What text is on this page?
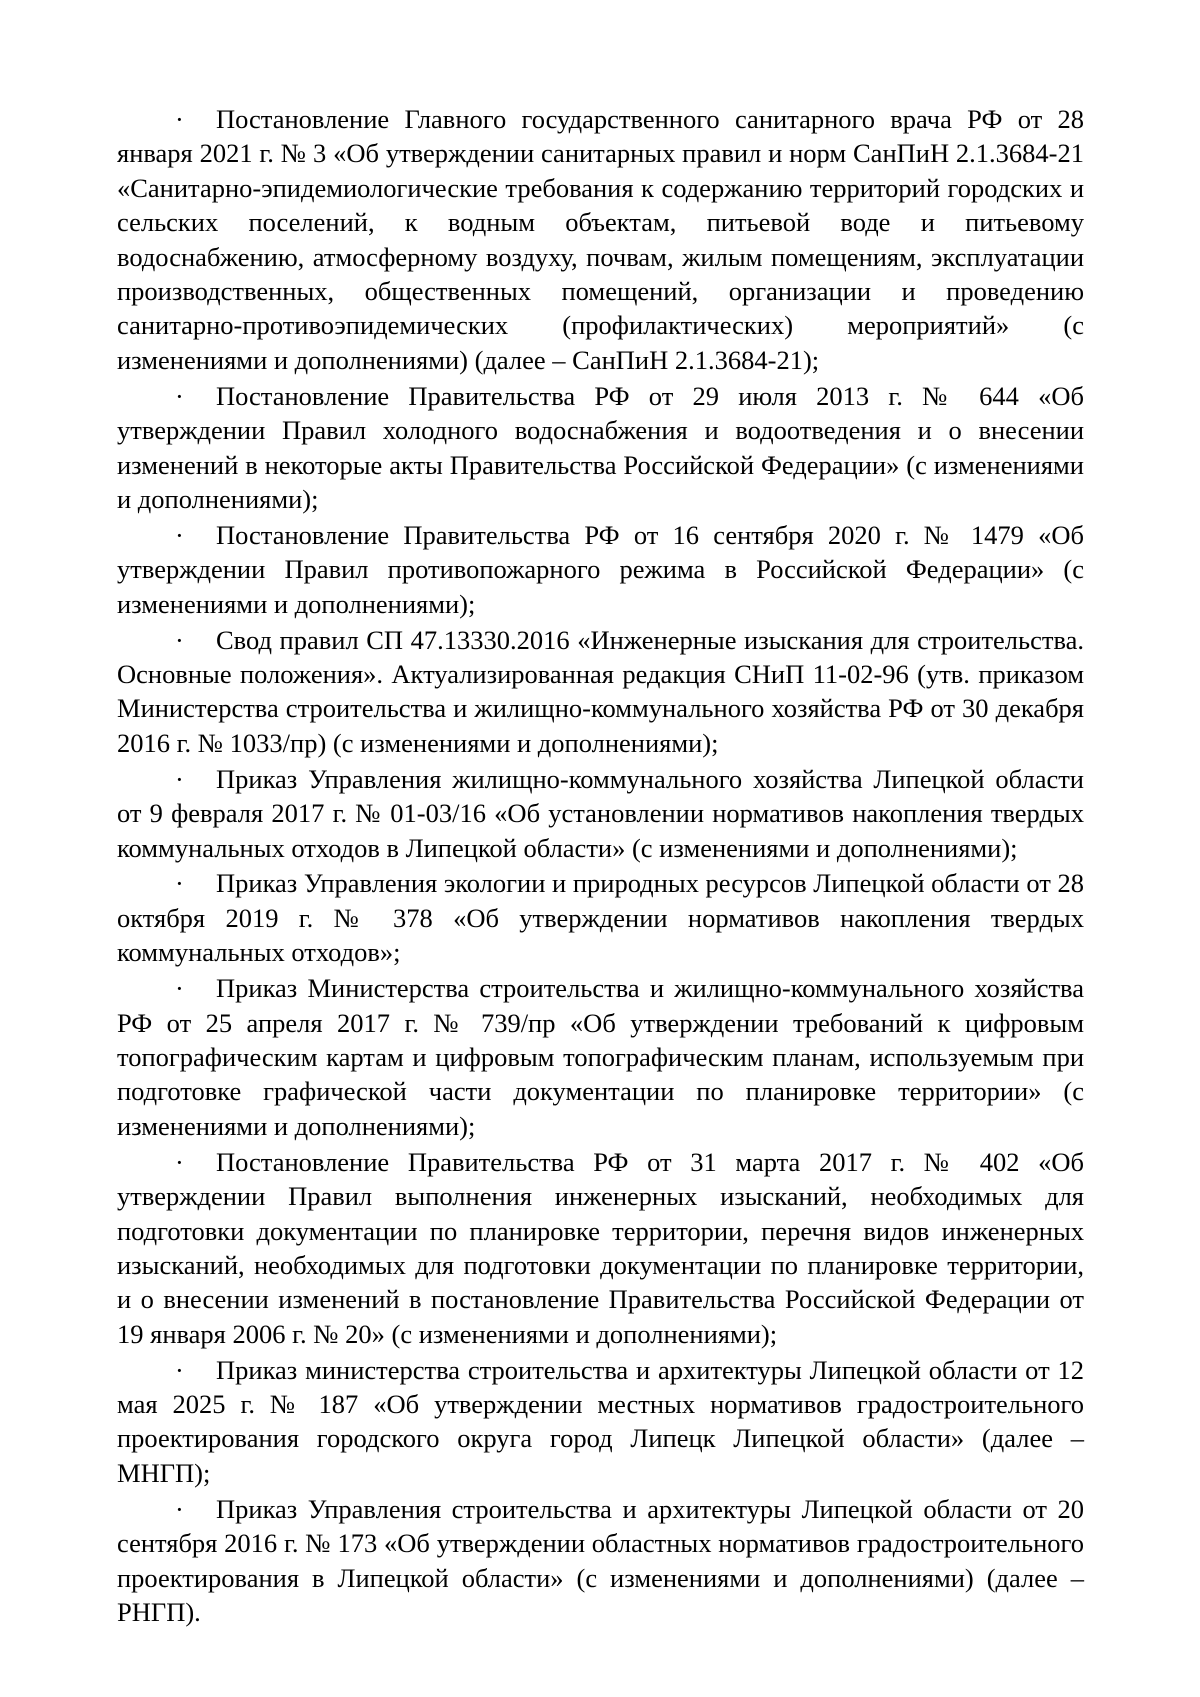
· Постановление Главного государственного санитарного врача РФ от 28 января 2021 г. № 3 «Об утверждении санитарных правил и норм СанПиН 2.1.3684-21 «Санитарно-эпидемиологические требования к содержанию территорий городских и сельских поселений, к водным объектам, питьевой воде и питьевому водоснабжению, атмосферному воздуху, почвам, жилым помещениям, эксплуатации производственных, общественных помещений, организации и проведению санитарно-противоэпидемических (профилактических) мероприятий» (с изменениями и дополнениями) (далее – СанПиН 2.1.3684-21);

· Постановление Правительства РФ от 29 июля 2013 г. № 644 «Об утверждении Правил холодного водоснабжения и водоотведения и о внесении изменений в некоторые акты Правительства Российской Федерации» (с изменениями и дополнениями);

· Постановление Правительства РФ от 16 сентября 2020 г. № 1479 «Об утверждении Правил противопожарного режима в Российской Федерации» (с изменениями и дополнениями);

· Свод правил СП 47.13330.2016 «Инженерные изыскания для строительства. Основные положения». Актуализированная редакция СНиП 11-02-96 (утв. приказом Министерства строительства и жилищно-коммунального хозяйства РФ от 30 декабря 2016 г. № 1033/пр) (с изменениями и дополнениями);

· Приказ Управления жилищно-коммунального хозяйства Липецкой области от 9 февраля 2017 г. № 01-03/16 «Об установлении нормативов накопления твердых коммунальных отходов в Липецкой области» (с изменениями и дополнениями);

· Приказ Управления экологии и природных ресурсов Липецкой области от 28 октября 2019 г. № 378 «Об утверждении нормативов накопления твердых коммунальных отходов»;

· Приказ Министерства строительства и жилищно-коммунального хозяйства РФ от 25 апреля 2017 г. № 739/пр «Об утверждении требований к цифровым топографическим картам и цифровым топографическим планам, используемым при подготовке графической части документации по планировке территории» (с изменениями и дополнениями);

· Постановление Правительства РФ от 31 марта 2017 г. № 402 «Об утверждении Правил выполнения инженерных изысканий, необходимых для подготовки документации по планировке территории, перечня видов инженерных изысканий, необходимых для подготовки документации по планировке территории, и о внесении изменений в постановление Правительства Российской Федерации от 19 января 2006 г. № 20» (с изменениями и дополнениями);

· Приказ министерства строительства и архитектуры Липецкой области от 12 мая 2025 г. № 187 «Об утверждении местных нормативов градостроительного проектирования городского округа город Липецк Липецкой области» (далее – МНГП);

· Приказ Управления строительства и архитектуры Липецкой области от 20 сентября 2016 г. № 173 «Об утверждении областных нормативов градостроительного проектирования в Липецкой области» (с изменениями и дополнениями) (далее – РНГП).
